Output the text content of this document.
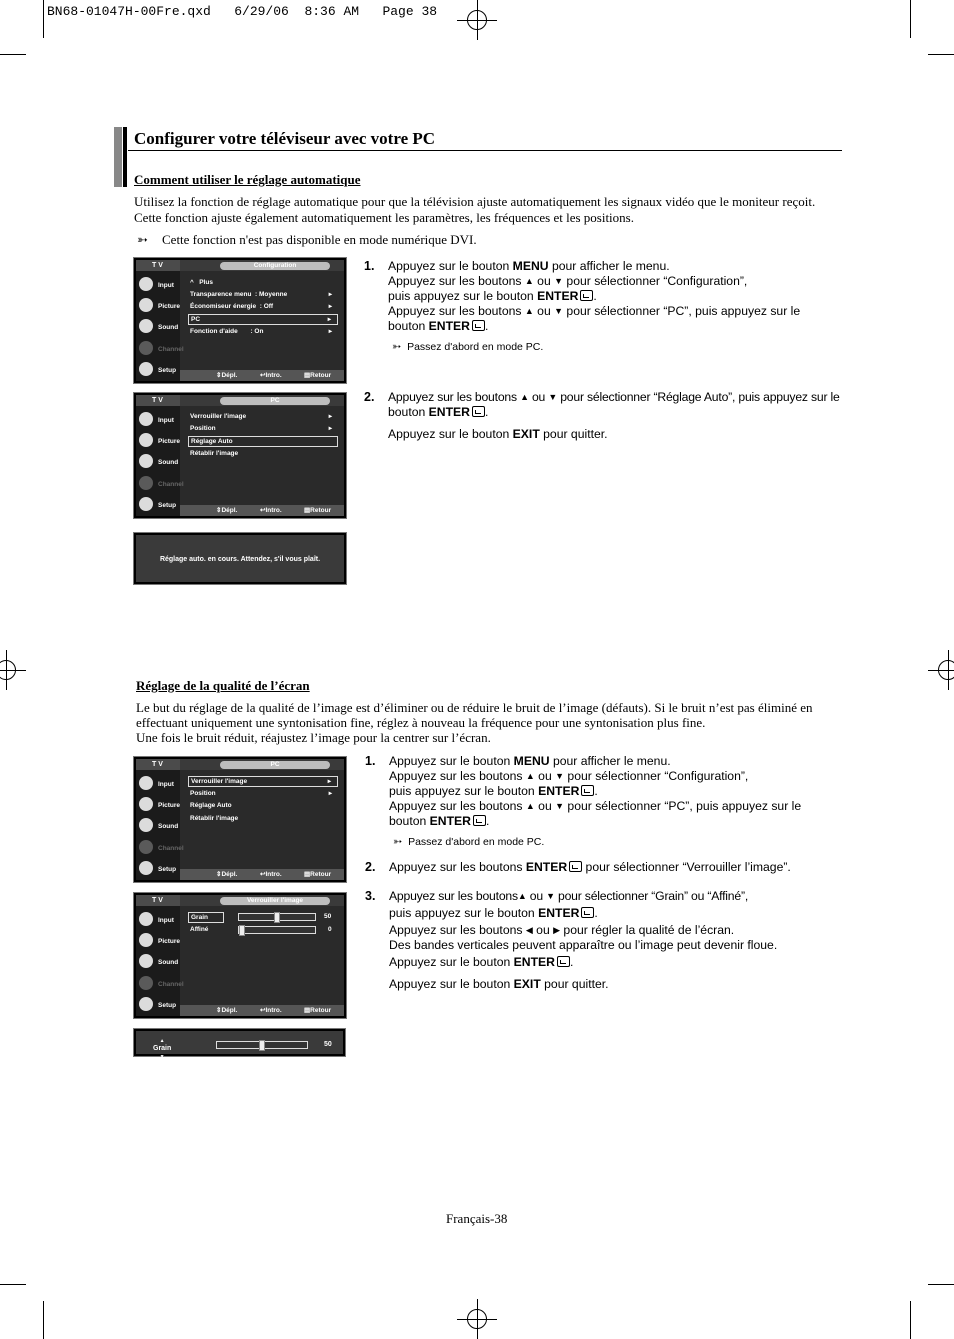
BN68-01047H-00Fre.qxd   6/29/06  8:36 AM   Page 38
Configurer votre téléviseur avec votre PC
Comment utiliser le réglage automatique
Utilisez la fonction de réglage automatique pour que la télévision ajuste automatiquement les signaux vidéo que le moniteur reçoit.
Cette fonction ajuste également automatiquement les paramètres, les fréquences et les positions.
➳ Cette fonction n'est pas disponible en mode numérique DVI.
T V	Configuration
Input
Picture
Sound
Channel
Setup
^   Plus
Transparence menu : Moyenne	▸
Économiseur énergie : Off	▸
PC	▸
Fonction d'aide : On	▸
⇕Dépl.	↩Intro.	▤Retour
T V	PC
Input
Picture
Sound
Channel
Setup
Verrouiller l'image	▸
Position	▸
Réglage Auto
Rétablir l'image
⇕Dépl.	↩Intro.	▤Retour
Réglage auto. en cours. Attendez, s'il vous plaît.
1. Appuyez sur le bouton MENU pour afficher le menu.
Appuyez sur les boutons ▲ ou ▼ pour sélectionner “Configuration”,
puis appuyez sur le bouton ENTER .
Appuyez sur les boutons ▲ ou ▼ pour sélectionner “PC”, puis appuyez sur le
bouton ENTER .
➳ Passez d'abord en mode PC.
2. Appuyez sur les boutons ▲ ou ▼ pour sélectionner “Réglage Auto”, puis appuyez sur le
bouton ENTER .
Appuyez sur le bouton EXIT pour quitter.
Réglage de la qualité de l’écran
Le but du réglage de la qualité de l’image est d’éliminer ou de réduire le bruit de l’image (défauts). Si le bruit n’est pas éliminé en
effectuant uniquement une syntonisation fine, réglez à nouveau la fréquence pour une syntonisation plus fine.
Une fois le bruit réduit, réajustez l’image pour la centrer sur l’écran.
T V	PC
Input
Picture
Sound
Channel
Setup
Verrouiller l'image	▸
Position	▸
Réglage Auto
Rétablir l'image
⇕Dépl.	↩Intro.	▤Retour
T V	Verrouiller l'image
Input
Picture
Sound
Channel
Setup
Grain	50
Affiné	0
⇕Dépl.	↩Intro.	▤Retour
▲
Grain
▼
50
1. Appuyez sur le bouton MENU pour afficher le menu.
Appuyez sur les boutons ▲ ou ▼ pour sélectionner “Configuration”,
puis appuyez sur le bouton ENTER .
Appuyez sur les boutons ▲ ou ▼ pour sélectionner “PC”, puis appuyez sur le
bouton ENTER .
➳ Passez d'abord en mode PC.
2. Appuyez sur les boutons ENTER pour sélectionner “Verrouiller l’image”.
3. Appuyez sur les boutons▲ ou ▼ pour sélectionner “Grain” ou “Affiné”,
puis appuyez sur le bouton ENTER .
Appuyez sur les boutons ◀ ou ▶ pour régler la qualité de l’écran.
Des bandes verticales peuvent apparaître ou l’image peut devenir floue.
Appuyez sur le bouton ENTER .
Appuyez sur le bouton EXIT pour quitter.
Français-38
